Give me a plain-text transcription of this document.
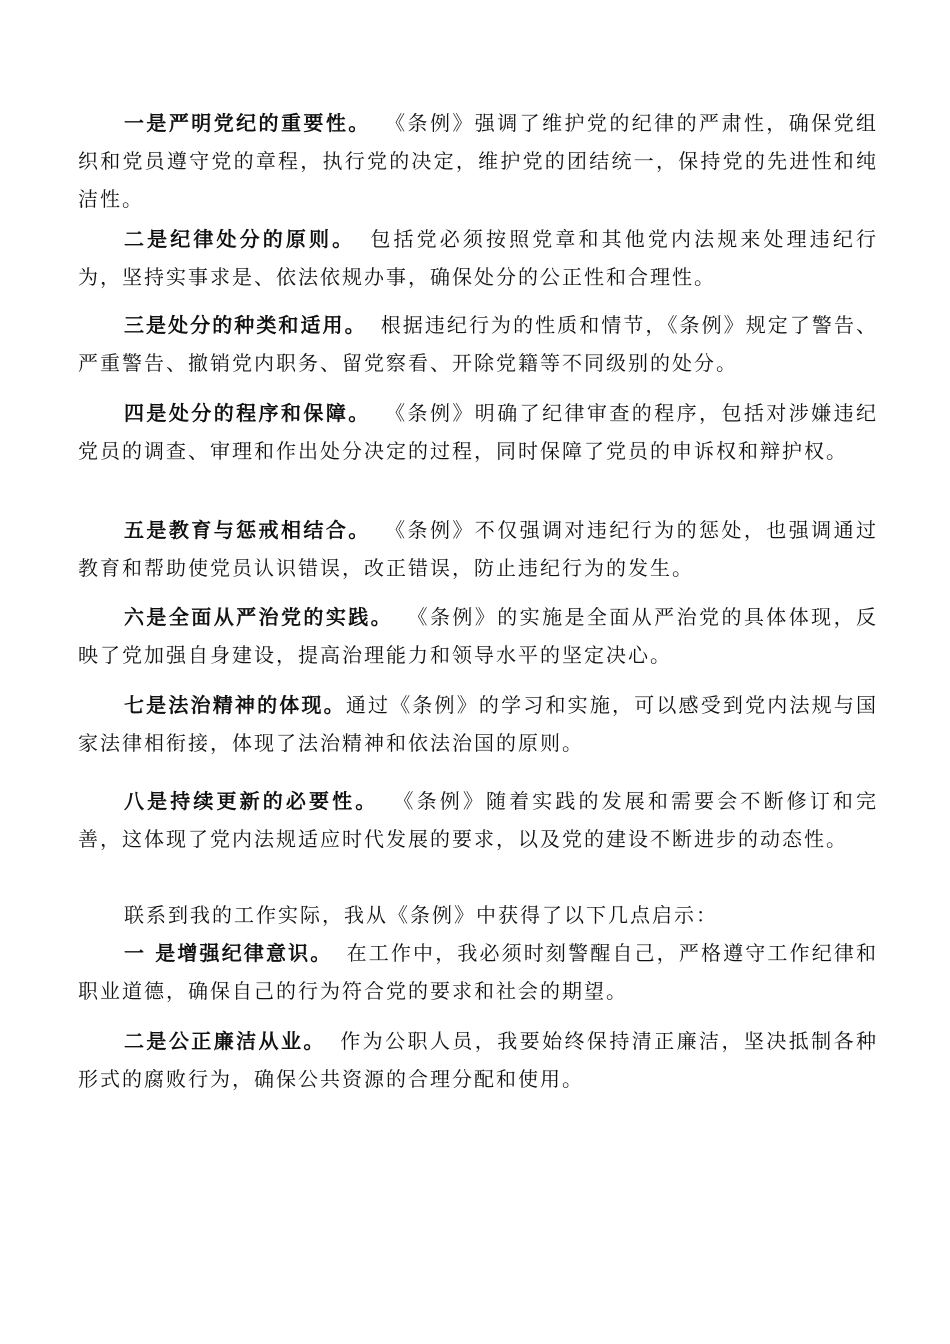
一是严明党纪的重要性。 《条例》强调了维护党的纪律的严肃性，确保党组织和党员遵守党的章程，执行党的决定，维护党的团结统一，保持党的先进性和纯洁性。

二是纪律处分的原则。 包括党必须按照党章和其他党内法规来处理违纪行为，坚持实事求是、依法依规办事，确保处分的公正性和合理性。

三是处分的种类和适用。 根据违纪行为的性质和情节，《条例》规定了警告、严重警告、撤销党内职务、留党察看、开除党籍等不同级别的处分。

四是处分的程序和保障。 《条例》明确了纪律审查的程序，包括对涉嫌违纪党员的调查、审理和作出处分决定的过程，同时保障了党员的申诉权和辩护权。

五是教育与惩戒相结合。 《条例》不仅强调对违纪行为的惩处，也强调通过教育和帮助使党员认识错误，改正错误，防止违纪行为的发生。

六是全面从严治党的实践。 《条例》的实施是全面从严治党的具体体现，反映了党加强自身建设，提高治理能力和领导水平的坚定决心。

七是法治精神的体现。通过《条例》的学习和实施，可以感受到党内法规与国家法律相衔接，体现了法治精神和依法治国的原则。

八是持续更新的必要性。 《条例》随着实践的发展和需要会不断修订和完善，这体现了党内法规适应时代发展的要求，以及党的建设不断进步的动态性。

联系到我的工作实际，我从《条例》中获得了以下几点启示：

一 是增强纪律意识。 在工作中，我必须时刻警醒自己，严格遵守工作纪律和职业道德，确保自己的行为符合党的要求和社会的期望。

二是公正廉洁从业。 作为公职人员，我要始终保持清正廉洁，坚决抵制各种形式的腐败行为，确保公共资源的合理分配和使用。
